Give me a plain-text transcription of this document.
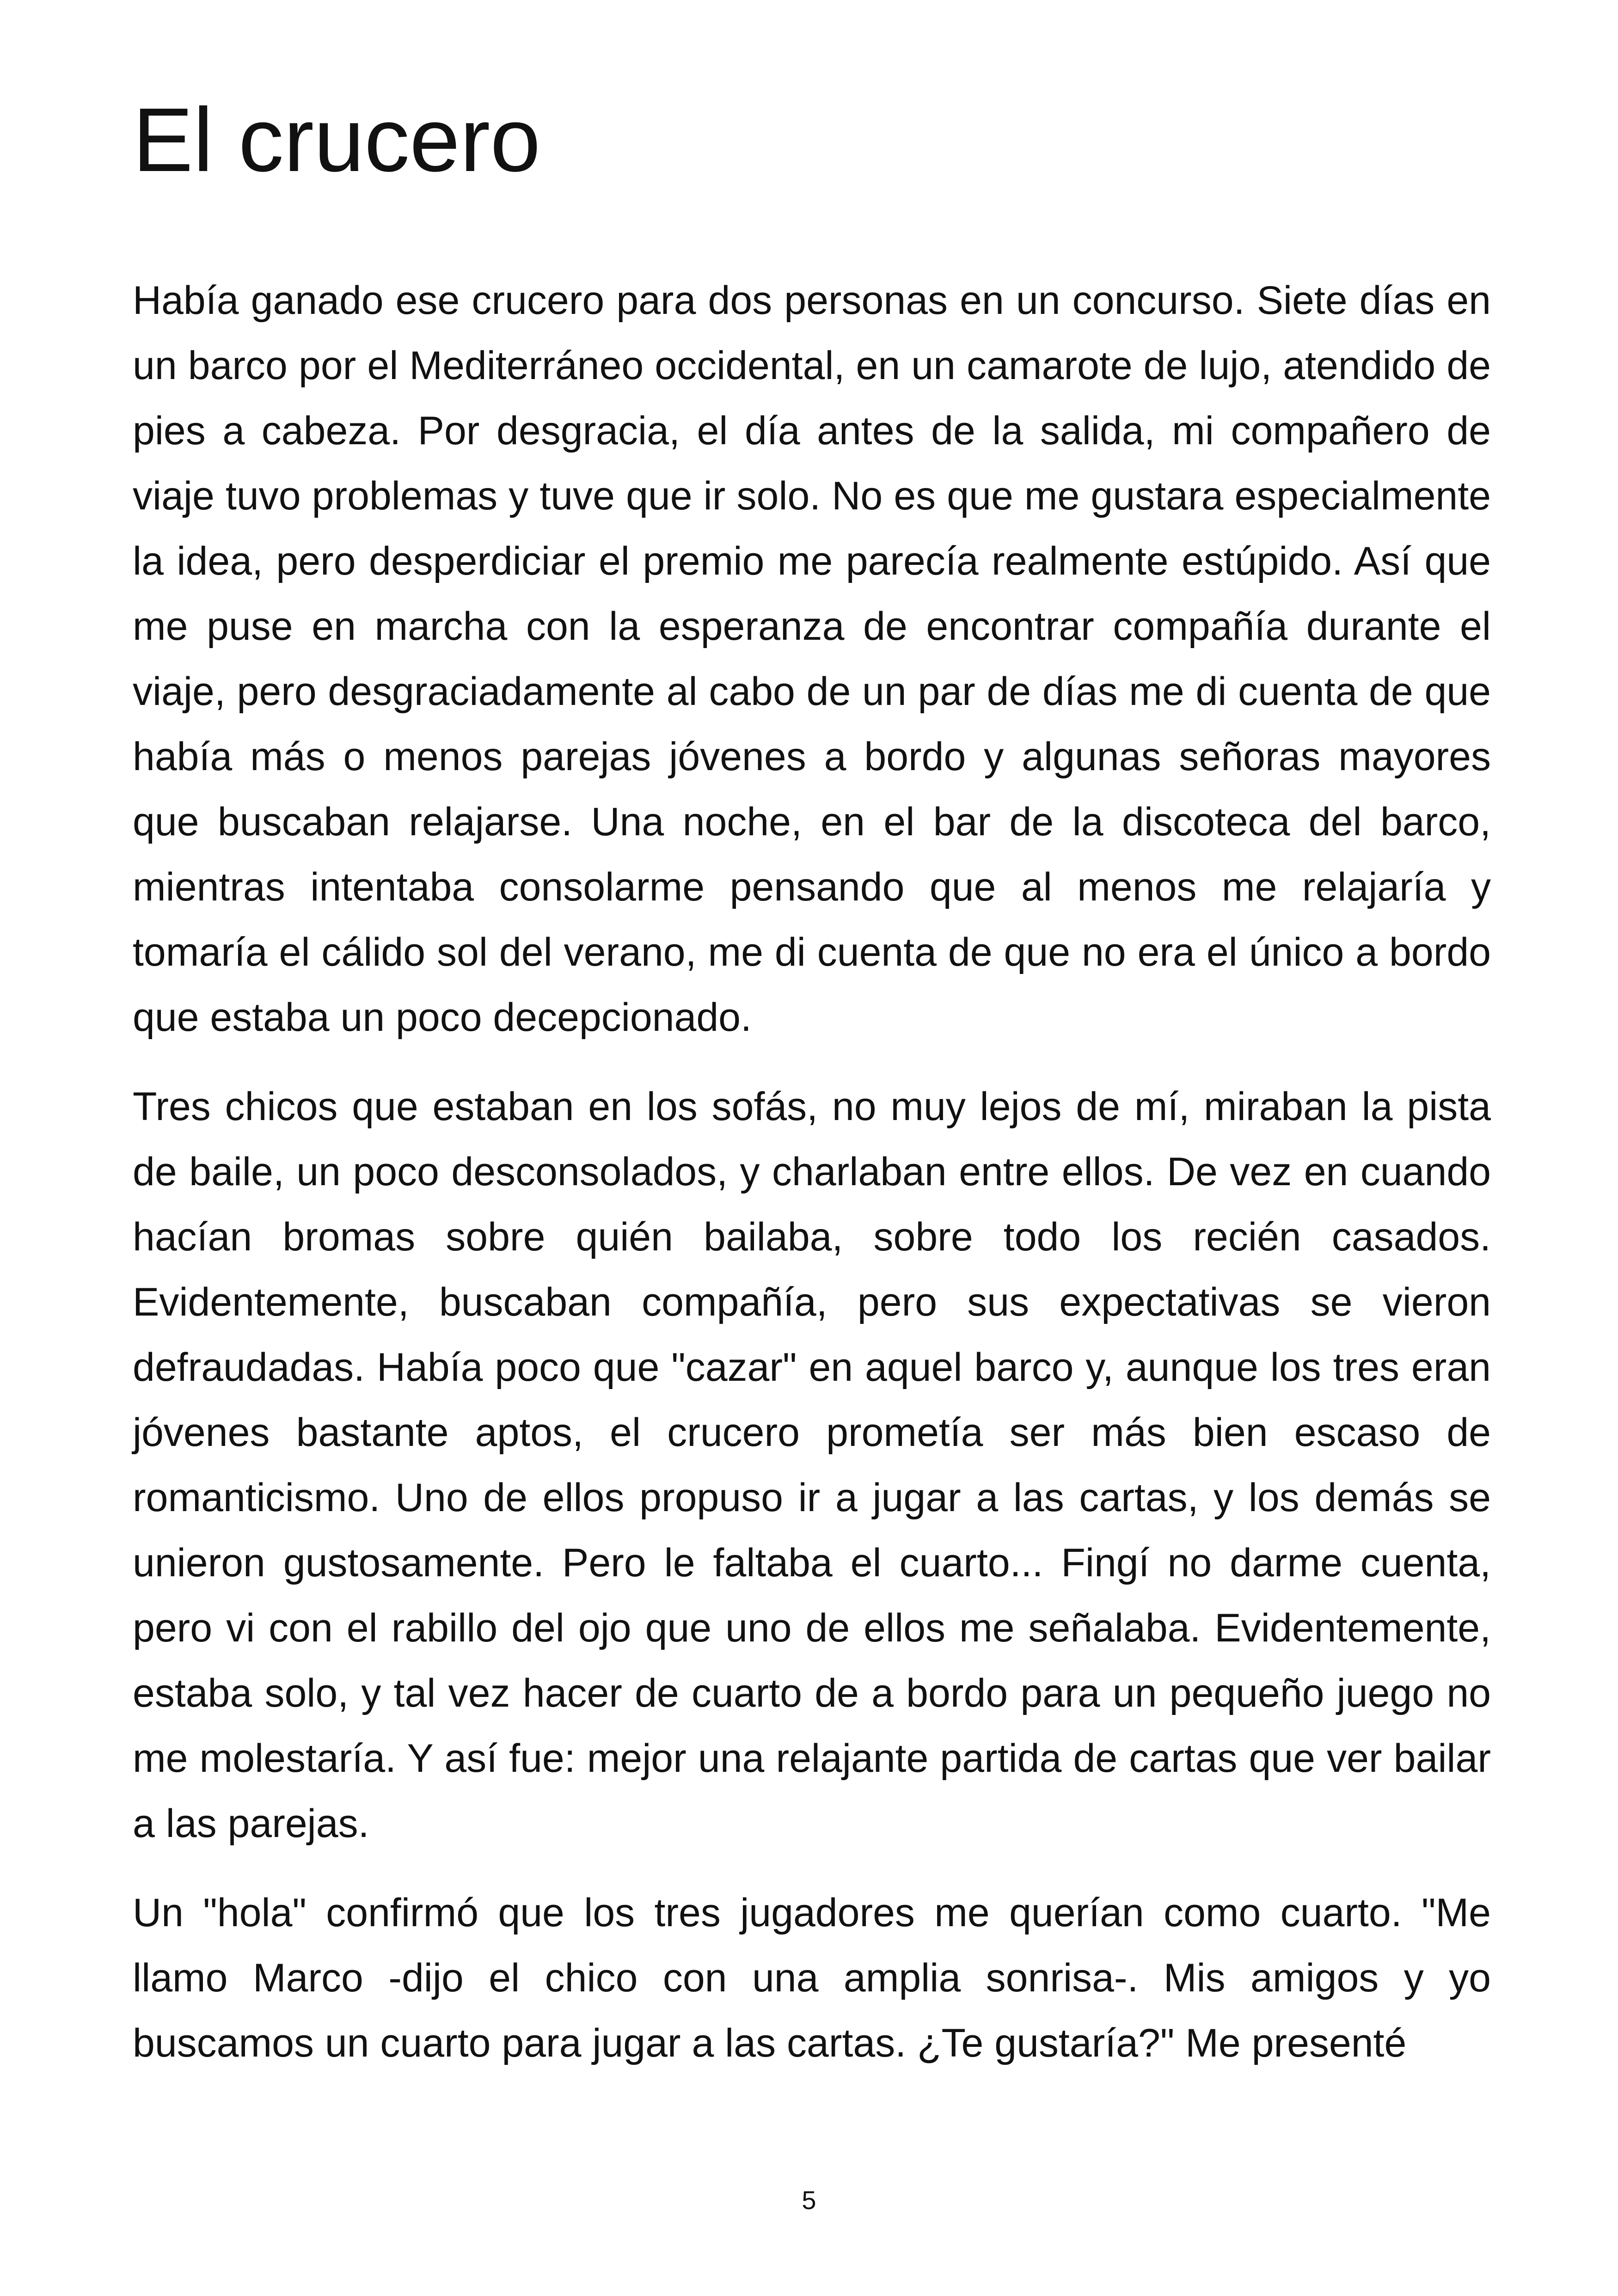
El crucero

Había ganado ese crucero para dos personas en un concurso. Siete días en un barco por el Mediterráneo occidental, en un camarote de lujo, atendido de pies a cabeza. Por desgracia, el día antes de la salida, mi compañero de viaje tuvo problemas y tuve que ir solo. No es que me gustara especialmente la idea, pero desperdiciar el premio me parecía realmente estúpido. Así que me puse en marcha con la esperanza de encontrar compañía durante el viaje, pero desgraciadamente al cabo de un par de días me di cuenta de que había más o menos parejas jóvenes a bordo y algunas señoras mayores que buscaban relajarse. Una noche, en el bar de la discoteca del barco, mientras intentaba consolarme pensando que al menos me relajaría y tomaría el cálido sol del verano, me di cuenta de que no era el único a bordo que estaba un poco decepcionado.

Tres chicos que estaban en los sofás, no muy lejos de mí, miraban la pista de baile, un poco desconsolados, y charlaban entre ellos. De vez en cuando hacían bromas sobre quién bailaba, sobre todo los recién casados. Evidentemente, buscaban compañía, pero sus expectativas se vieron defraudadas. Había poco que "cazar" en aquel barco y, aunque los tres eran jóvenes bastante aptos, el crucero prometía ser más bien escaso de romanticismo. Uno de ellos propuso ir a jugar a las cartas, y los demás se unieron gustosamente. Pero le faltaba el cuarto... Fingí no darme cuenta, pero vi con el rabillo del ojo que uno de ellos me señalaba. Evidentemente, estaba solo, y tal vez hacer de cuarto de a bordo para un pequeño juego no me molestaría. Y así fue: mejor una relajante partida de cartas que ver bailar a las parejas.

Un "hola" confirmó que los tres jugadores me querían como cuarto. "Me llamo Marco -dijo el chico con una amplia sonrisa-. Mis amigos y yo buscamos un cuarto para jugar a las cartas. ¿Te gustaría?" Me presenté

5
